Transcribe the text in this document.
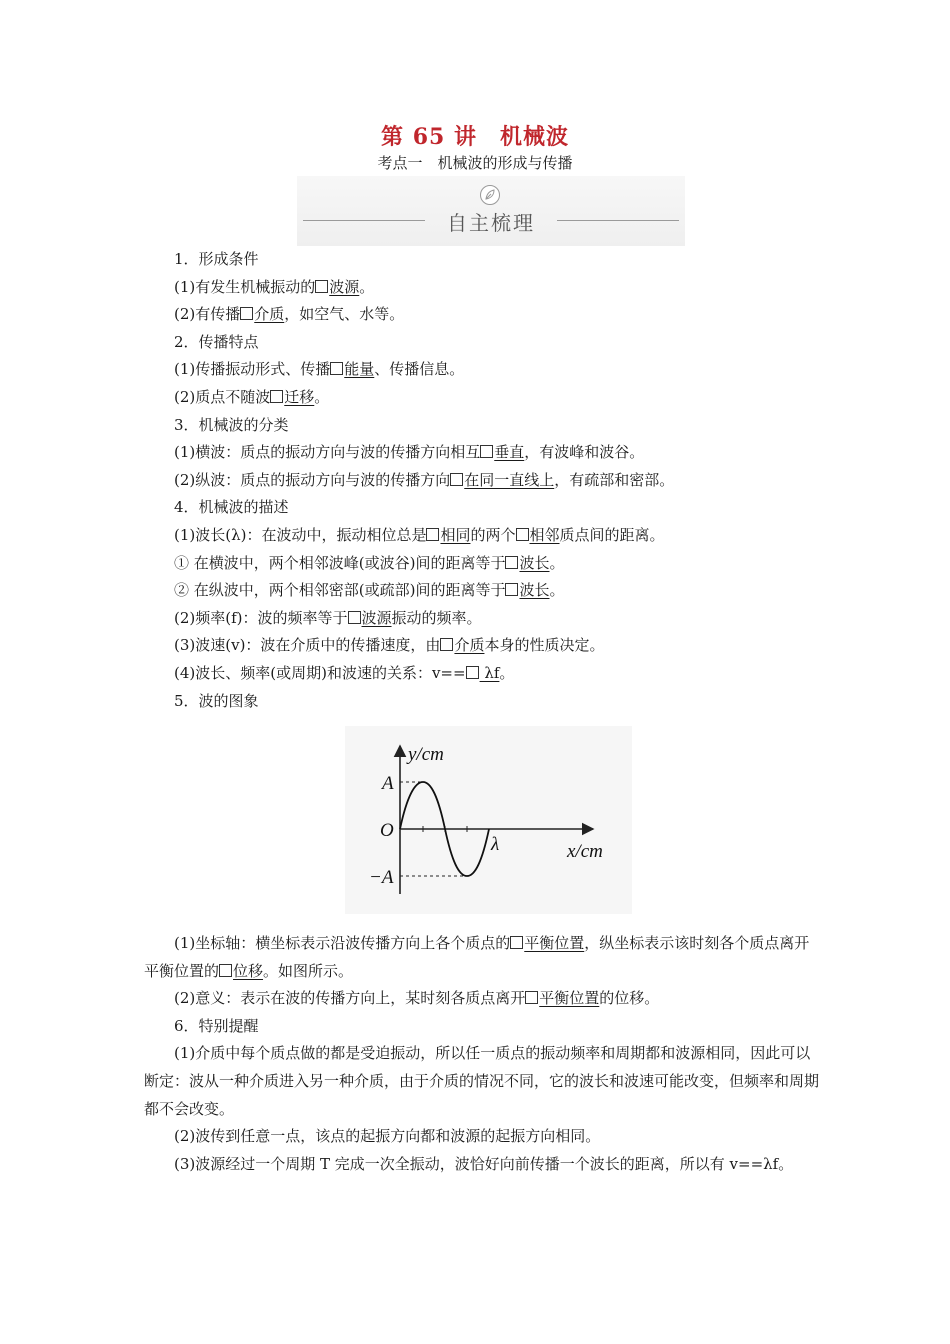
第 65 讲　机械波
考点一　机械波的形成与传播
自主梳理
1．形成条件
(1)有发生机械振动的 波源。
(2)有传播 介质，如空气、水等。
2．传播特点
(1)传播振动形式、传播 能量、传播信息。
(2)质点不随波 迁移。
3．机械波的分类
(1)横波：质点的振动方向与波的传播方向相互 垂直，有波峰和波谷。
(2)纵波：质点的振动方向与波的传播方向 在同一直线上，有疏部和密部。
4．机械波的描述
(1)波长(λ)：在波动中，振动相位总是 相同的两个 相邻质点间的距离。
① 在横波中，两个相邻波峰(或波谷)间的距离等于 波长。
② 在纵波中，两个相邻密部(或疏部)间的距离等于 波长。
(2)频率(f)：波的频率等于 波源振动的频率。
(3)波速(v)：波在介质中的传播速度，由 介质本身的性质决定。
(4)波长、频率(或周期)和波速的关系：v== λf。
5．波的图象
y/cm
x/cm
A
O
−A
λ
(1)坐标轴：横坐标表示沿波传播方向上各个质点的 平衡位置，纵坐标表示该时刻各个质点离开平衡位置的 位移。如图所示。
(2)意义：表示在波的传播方向上，某时刻各质点离开 平衡位置的位移。
6．特别提醒
(1)介质中每个质点做的都是受迫振动，所以任一质点的振动频率和周期都和波源相同，因此可以断定：波从一种介质进入另一种介质，由于介质的情况不同，它的波长和波速可能改变，但频率和周期都不会改变。
(2)波传到任意一点，该点的起振方向都和波源的起振方向相同。
(3)波源经过一个周期 T 完成一次全振动，波恰好向前传播一个波长的距离，所以有 v==λf。
